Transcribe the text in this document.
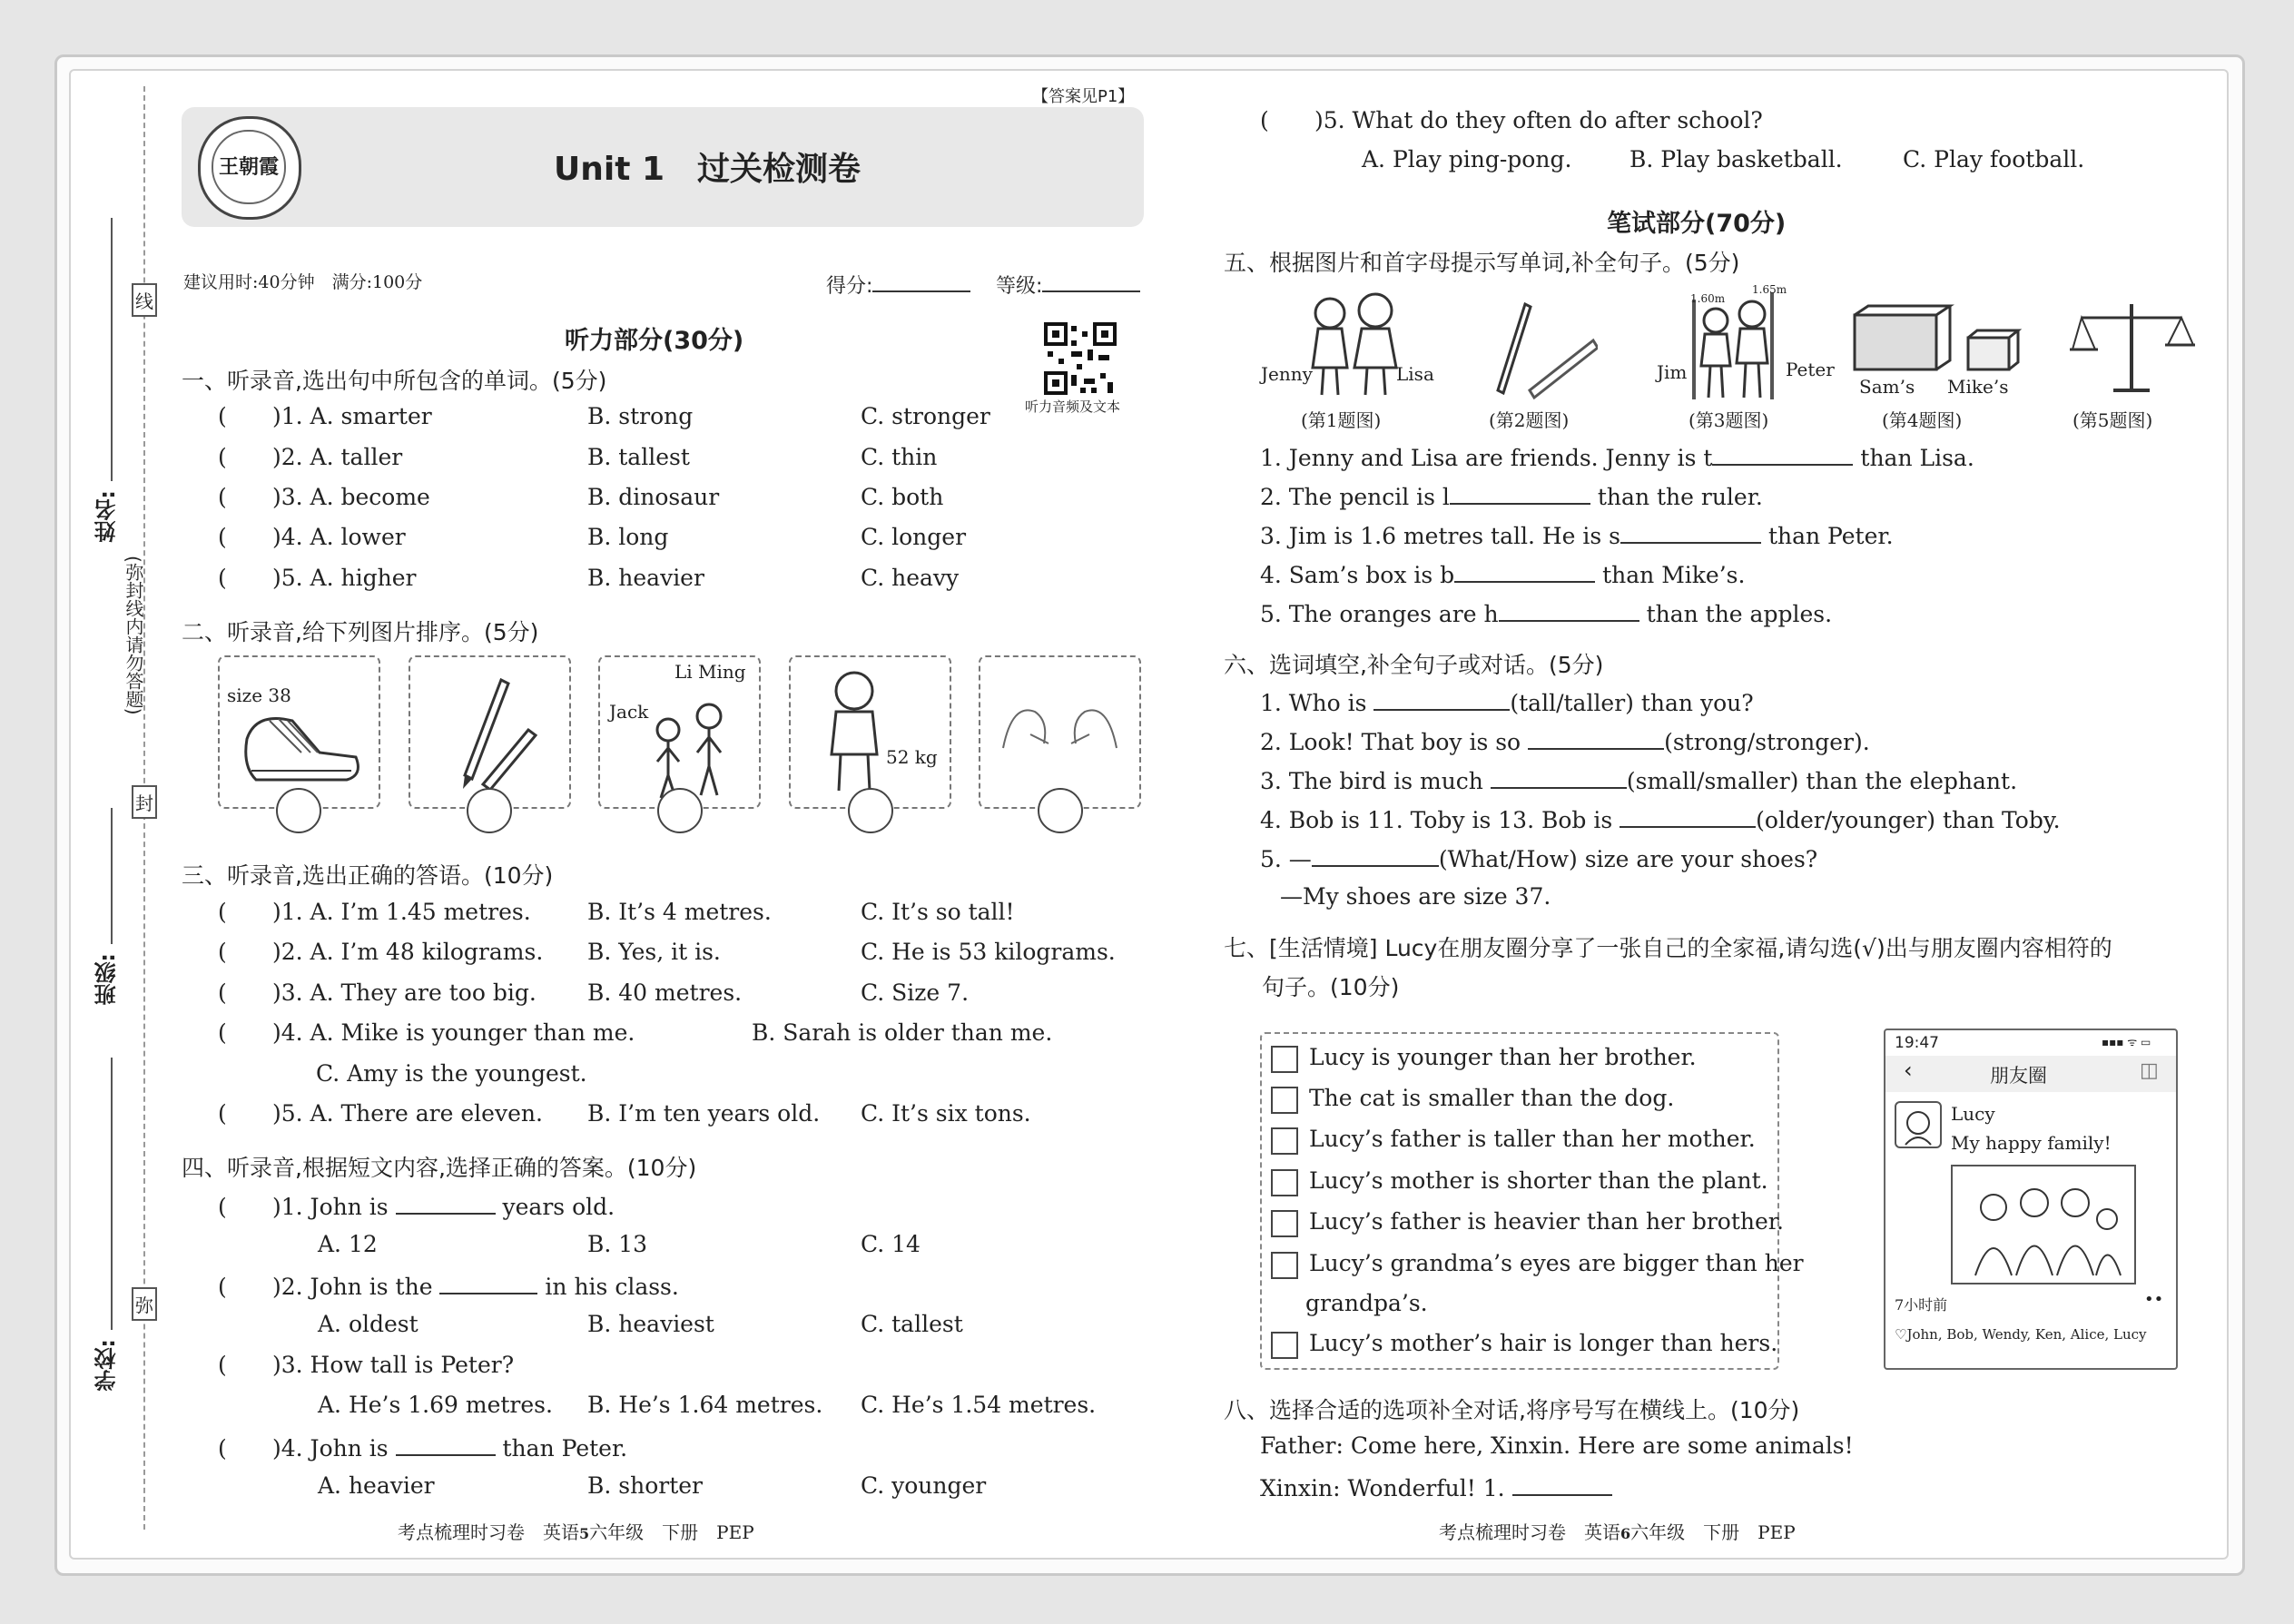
姓名:
班级:
学校:
线
封
弥
(弥封线内请勿答题)
【答案见P1】
Unit 1　过关检测卷
王朝霞
建议用时:40分钟　满分:100分	得分:	等级:
听力部分(30分)
听力音频及文本
一、听录音,选出句中所包含的单词。(5分)
( )1. A. smarter	B. strong	C. stronger
( )2. A. taller	B. tallest	C. thin
( )3. A. become	B. dinosaur	C. both
( )4. A. lower	B. long	C. longer
( )5. A. higher	B. heavier	C. heavy
二、听录音,给下列图片排序。(5分)
size 38
Li Ming
Jack
52 kg
三、听录音,选出正确的答语。(10分)
( )1. A. I’m 1.45 metres. B. It’s 4 metres.	C. It’s so tall!
( )2. A. I’m 48 kilograms. B. Yes, it is.	C. He is 53 kilograms.
( )3. A. They are too big. B. 40 metres.	C. Size 7.
( )4. A. Mike is younger than me.	B. Sarah is older than me.
C. Amy is the youngest.
( )5. A. There are eleven. B. I’m ten years old. C. It’s six tons.
四、听录音,根据短文内容,选择正确的答案。(10分)
( )1. John is	years old.
A. 12	B. 13	C. 14
( )2. John is the	in his class.
A. oldest	B. heaviest	C. tallest
( )3. How tall is Peter?
A. He’s 1.69 metres. B. He’s 1.64 metres. C. He’s 1.54 metres.
( )4. John is	than Peter.
A. heavier	B. shorter	C. younger
考点梳理时习卷　英语5六年级　下册　PEP
( )5. What do they often do after school?
A. Play ping-pong.	B. Play basketball.	C. Play football.
笔试部分(70分)
五、根据图片和首字母提示写单词,补全句子。(5分)
Jenny	Lisa
1.60m
1.65m
Jim	Peter
Sam’s Mike’s
(第1题图)	(第2题图)	(第3题图)	(第4题图)	(第5题图)
1. Jenny and Lisa are friends. Jenny is t	than Lisa.
2. The pencil is l	than the ruler.
3. Jim is 1.6 metres tall. He is s	than Peter.
4. Sam’s box is b	than Mike’s.
5. The oranges are h	than the apples.
六、选词填空,补全句子或对话。(5分)
1. Who is	(tall/taller) than you?
2. Look! That boy is so	(strong/stronger).
3. The bird is much	(small/smaller) than the elephant.
4. Bob is 11. Toby is 13. Bob is	(older/younger) than Toby.
5. —	(What/How) size are your shoes?
—My shoes are size 37.
七、[生活情境] Lucy在朋友圈分享了一张自己的全家福,请勾选(√)出与朋友圈内容相符的
句子。(10分)
Lucy is younger than her brother.
The cat is smaller than the dog.
Lucy’s father is taller than her mother.
Lucy’s mother is shorter than the plant.
Lucy’s father is heavier than her brother.
Lucy’s grandma’s eyes are bigger than her
grandpa’s.
Lucy’s mother’s hair is longer than hers.
19:47	▪▪▪ ᯤ ▭
‹	朋友圈	◫
Lucy
My happy family!
7小时前	••
♡John, Bob, Wendy, Ken, Alice, Lucy
八、选择合适的选项补全对话,将序号写在横线上。(10分)
Father: Come here, Xinxin. Here are some animals!
Xinxin: Wonderful! 1.
考点梳理时习卷　英语6六年级　下册　PEP
